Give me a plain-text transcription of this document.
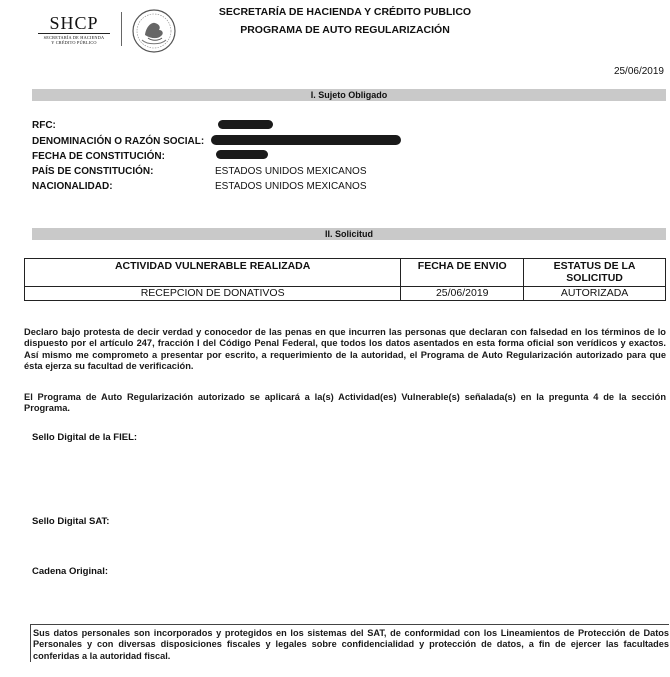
SHCP
SECRETARÍA DE HACIENDA
Y CRÉDITO PÚBLICO
SECRETARÍA DE HACIENDA Y CRÉDITO PUBLICO
PROGRAMA DE AUTO REGULARIZACIÓN
25/06/2019
I. Sujeto Obligado
RFC:
DENOMINACIÓN O RAZÓN SOCIAL:
FECHA DE CONSTITUCIÓN:
PAÍS DE CONSTITUCIÓN:	ESTADOS UNIDOS MEXICANOS
NACIONALIDAD:	ESTADOS UNIDOS MEXICANOS
II. Solicitud
ACTIVIDAD VULNERABLE REALIZADA	FECHA DE ENVIO	ESTATUS DE LA SOLICITUD
RECEPCION DE DONATIVOS	25/06/2019	AUTORIZADA
Declaro bajo protesta de decir verdad y conocedor de las penas en que incurren las personas que declaran con falsedad en los términos de lo dispuesto por el artículo 247, fracción I del Código Penal Federal, que todos los datos asentados en esta forma oficial son verídicos y exactos. Así mismo me comprometo a presentar por escrito, a requerimiento de la autoridad, el Programa de Auto Regularización autorizado para que ésta ejerza su facultad de verificación.
El Programa de Auto Regularización autorizado se aplicará a la(s) Actividad(es) Vulnerable(s) señalada(s) en la pregunta 4 de la sección Programa.
Sello Digital de la FIEL:
Sello Digital SAT:
Cadena Original:
Sus datos personales son incorporados y protegidos en los sistemas del SAT, de conformidad con los Lineamientos de Protección de Datos Personales y con diversas disposiciones fiscales y legales sobre confidencialidad y protección de datos, a fin de ejercer las facultades conferidas a la autoridad fiscal.
